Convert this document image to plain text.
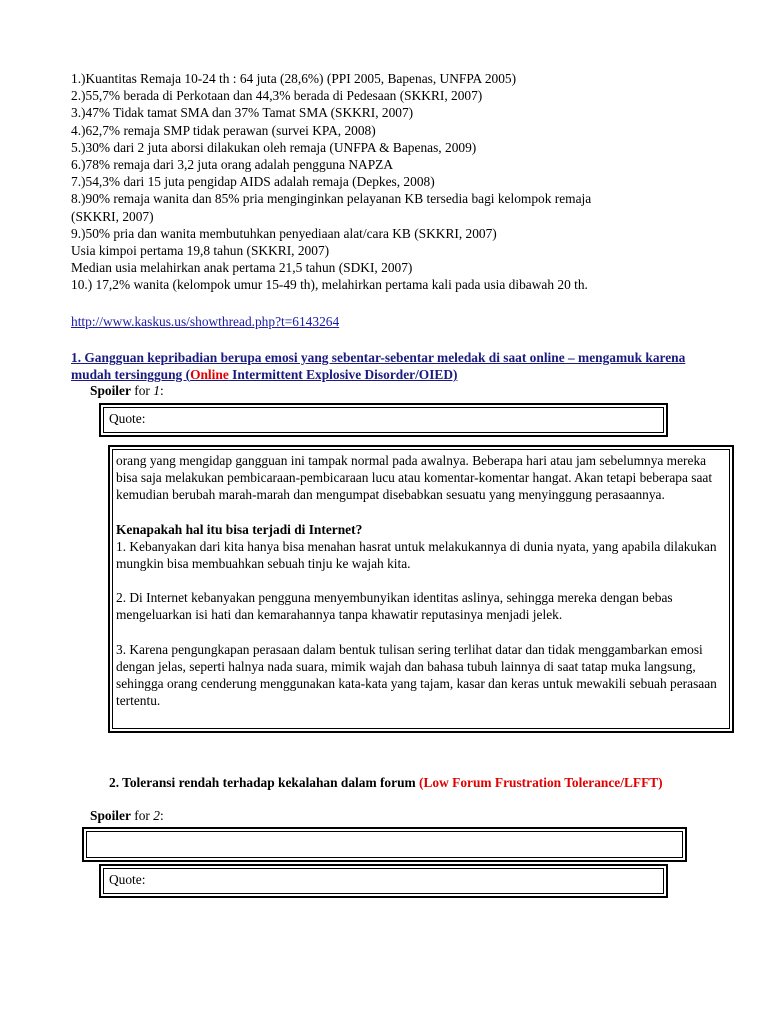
1.)Kuantitas Remaja 10-24 th : 64 juta (28,6%) (PPI 2005, Bapenas, UNFPA 2005)
2.)55,7% berada di Perkotaan dan 44,3% berada di Pedesaan (SKKRI, 2007)
3.)47% Tidak tamat SMA dan 37% Tamat SMA (SKKRI, 2007)
4.)62,7% remaja SMP tidak perawan (survei KPA, 2008)
5.)30% dari 2 juta aborsi dilakukan oleh remaja (UNFPA & Bapenas, 2009)
6.)78% remaja dari 3,2 juta orang adalah pengguna NAPZA
7.)54,3% dari 15 juta pengidap AIDS adalah remaja (Depkes, 2008)
8.)90% remaja wanita dan 85% pria menginginkan pelayanan KB tersedia bagi kelompok remaja
(SKKRI, 2007)
9.)50% pria dan wanita membutuhkan penyediaan alat/cara KB (SKKRI, 2007)
Usia kimpoi pertama 19,8 tahun (SKKRI, 2007)
Median usia melahirkan anak pertama 21,5 tahun (SDKI, 2007)
10.) 17,2% wanita (kelompok umur 15-49 th), melahirkan pertama kali pada usia dibawah 20 th.
http://www.kaskus.us/showthread.php?t=6143264
1. Gangguan kepribadian berupa emosi yang sebentar-sebentar meledak di saat online – mengamuk karena mudah tersinggung (Online Intermittent Explosive Disorder/OIED)
Spoiler for 1:
Quote:

orang yang mengidap gangguan ini tampak normal pada awalnya. Beberapa hari atau jam sebelumnya mereka bisa saja melakukan pembicaraan-pembicaraan lucu atau komentar-komentar hangat. Akan tetapi beberapa saat kemudian berubah marah-marah dan mengumpat disebabkan sesuatu yang menyinggung perasaannya.

Kenapakah hal itu bisa terjadi di Internet?

1. Kebanyakan dari kita hanya bisa menahan hasrat untuk melakukannya di dunia nyata, yang apabila dilakukan mungkin bisa membuahkan sebuah tinju ke wajah kita.

2. Di Internet kebanyakan pengguna menyembunyikan identitas aslinya, sehingga mereka dengan bebas mengeluarkan isi hati dan kemarahannya tanpa khawatir reputasinya menjadi jelek.

3. Karena pengungkapan perasaan dalam bentuk tulisan sering terlihat datar dan tidak menggambarkan emosi dengan jelas, seperti halnya nada suara, mimik wajah dan bahasa tubuh lainnya di saat tatap muka langsung, sehingga orang cenderung menggunakan kata-kata yang tajam, kasar dan keras untuk mewakili sebuah perasaan tertentu.

2. Toleransi rendah terhadap kekalahan dalam forum (Low Forum Frustration Tolerance/LFFT)
Spoiler for 2:
Quote:
